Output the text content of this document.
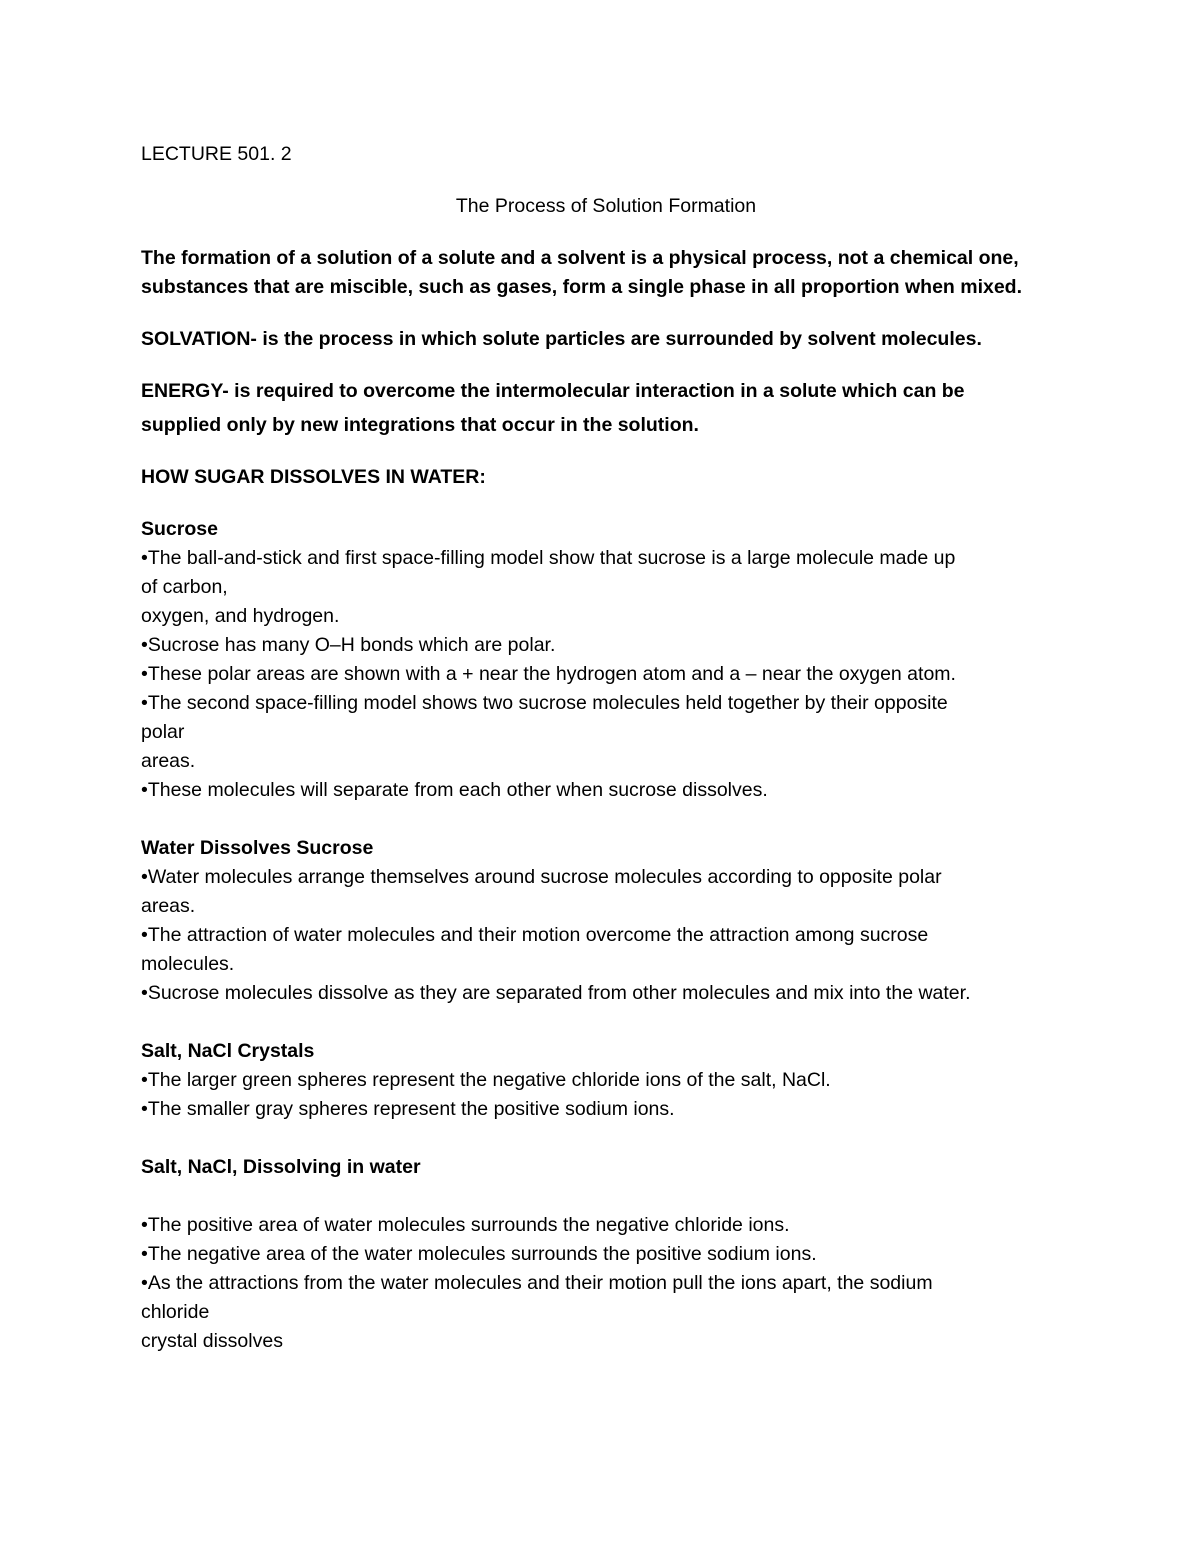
LECTURE 501. 2
The Process of Solution Formation
The formation of a solution of a solute and a solvent is a physical process, not a chemical one,
substances that are miscible, such as gases, form a single phase in all proportion when mixed.
SOLVATION- is the process in which solute particles are surrounded by solvent molecules.
ENERGY- is required to overcome the intermolecular interaction in a solute which can be
supplied only by new integrations that occur in the solution.
HOW SUGAR DISSOLVES IN WATER:
Sucrose
•The ball-and-stick and first space-filling model show that sucrose is a large molecule made up
of carbon,
oxygen, and hydrogen.
•Sucrose has many O–H bonds which are polar.
•These polar areas are shown with a + near the hydrogen atom and a – near the oxygen atom.
•The second space-filling model shows two sucrose molecules held together by their opposite
polar
areas.
•These molecules will separate from each other when sucrose dissolves.
Water Dissolves Sucrose
•Water molecules arrange themselves around sucrose molecules according to opposite polar
areas.
•The attraction of water molecules and their motion overcome the attraction among sucrose
molecules.
•Sucrose molecules dissolve as they are separated from other molecules and mix into the water.
Salt, NaCl Crystals
•The larger green spheres represent the negative chloride ions of the salt, NaCl.
•The smaller gray spheres represent the positive sodium ions.
Salt, NaCl, Dissolving in water
•The positive area of water molecules surrounds the negative chloride ions.
•The negative area of the water molecules surrounds the positive sodium ions.
•As the attractions from the water molecules and their motion pull the ions apart, the sodium
chloride
crystal dissolves
